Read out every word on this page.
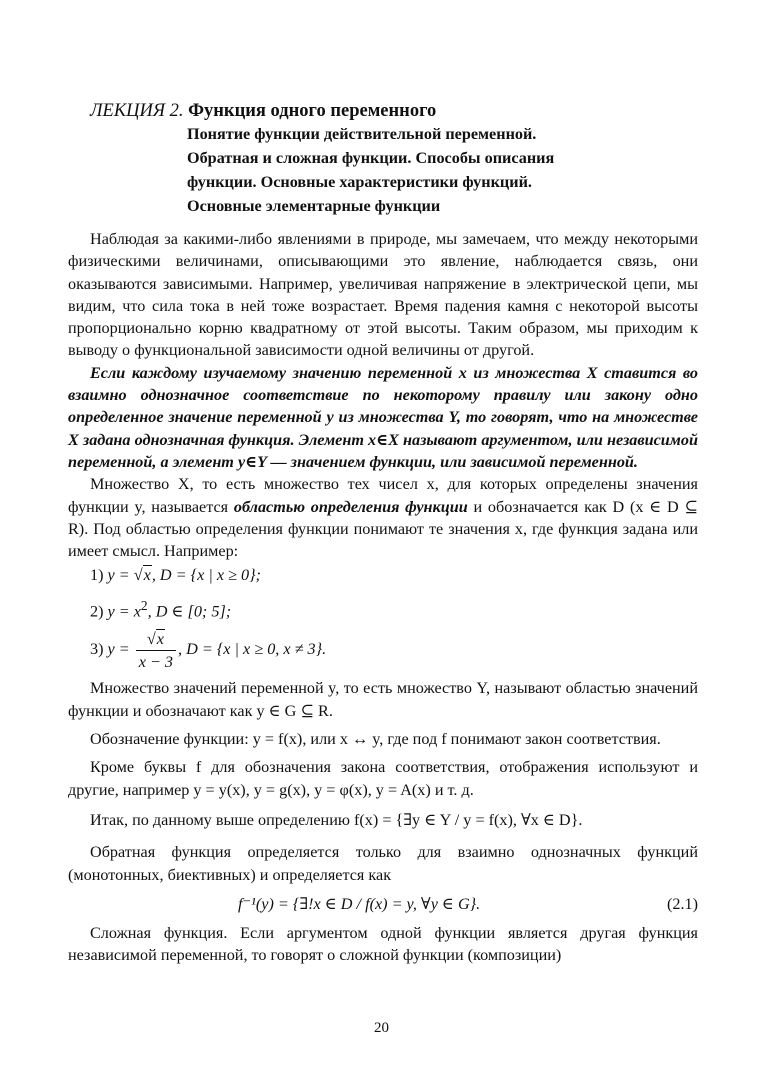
ЛЕКЦИЯ 2. Функция одного переменного
Понятие функции действительной переменной.
Обратная и сложная функции. Способы описания
функции. Основные характеристики функций.
Основные элементарные функции

Наблюдая за какими-либо явлениями в природе, мы замечаем, что между некоторыми физическими величинами, описывающими это явление, наблюдается связь, они оказываются зависимыми. Например, увеличивая напряжение в электрической цепи, мы видим, что сила тока в ней тоже возрастает. Время падения камня с некоторой высоты пропорционально корню квадратному от этой высоты. Таким образом, мы приходим к выводу о функциональной зависимости одной величины от другой.

Если каждому изучаемому значению переменной x из множества X ставится во взаимно однозначное соответствие по некоторому правилу или закону одно определенное значение переменной y из множества Y, то говорят, что на множестве X задана однозначная функция. Элемент x∈X называют аргументом, или независимой переменной, а элемент y∈Y — значением функции, или зависимой переменной.

Множество X, то есть множество тех чисел x, для которых определены значения функции y, называется областью определения функции и обозначается как D (x ∈ D ⊆ R). Под областью определения функции понимают те значения x, где функция задана или имеет смысл. Например:

1) y = √x, D = {x | x ≥ 0};

2) $y = x^2$, D ∈ [0; 5];

3) $y = \frac{√x}{x - 3}$ , D = {x | x ≥ 0, x ≠ 3}.

Множество значений переменной y, то есть множество Y, называют областью значений функции и обозначают как y ∈ G ⊆ R.

Обозначение функции: y = f(x), или x ↔ y, где под f понимают закон соответствия.

Кроме буквы f для обозначения закона соответствия, отображения используют и другие, например y = y(x), y = g(x), y = φ(x), y = A(x) и т. д.

Итак, по данному выше определению f(x) = {∃y ∈ Y / y = f(x), ∀x ∈ D}.

Обратная функция определяется только для взаимно однозначных функций (монотонных, биективных) и определяется как

f⁻¹(y) = {∃!x ∈ D / f(x) = y, ∀y ∈ G}.	(2.1)

Сложная функция. Если аргументом одной функции является другая функция независимой переменной, то говорят о сложной функции (композиции)

20
